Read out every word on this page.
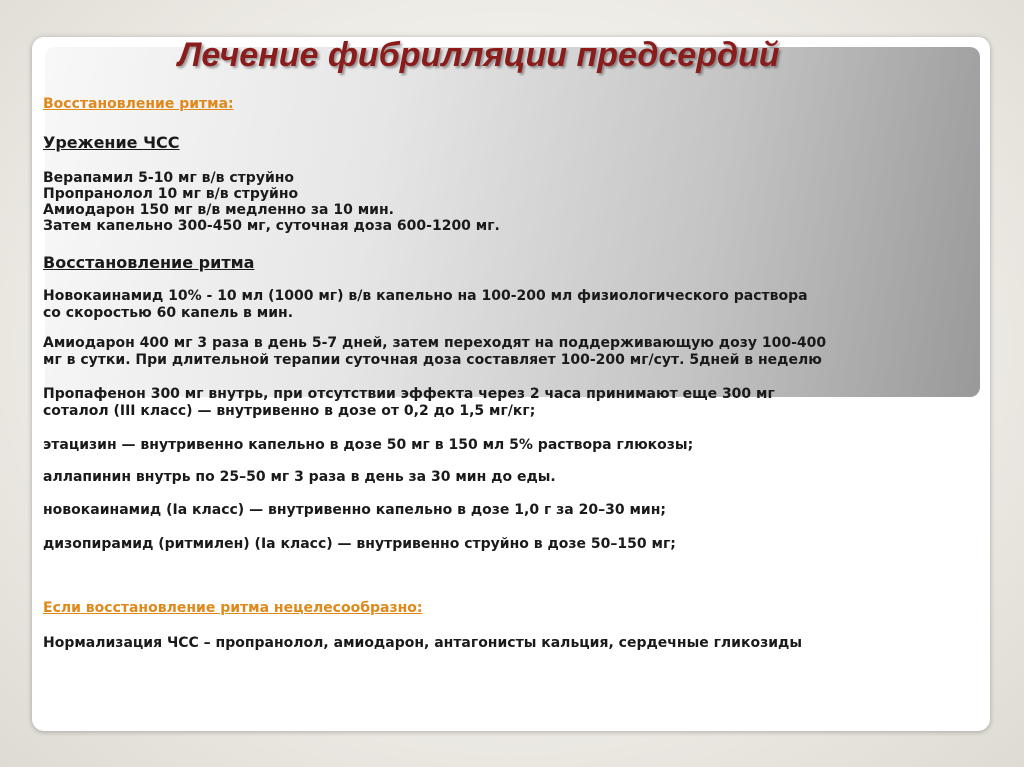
Лечение фибрилляции предсердий

Восстановление ритма:

Урежение ЧСС

Верапамил 5-10 мг в/в струйно

Пропранолол 10 мг в/в струйно

Амиодарон 150 мг в/в медленно за 10 мин.

Затем капельно 300-450 мг, суточная доза 600-1200 мг.

Восстановление ритма

Новокаинамид 10% - 10 мл (1000 мг) в/в капельно на 100-200 мл физиологического раствора

со скоростью 60 капель в мин.

Амиодарон 400 мг 3 раза в день 5-7 дней, затем переходят на поддерживающую дозу 100-400

мг в сутки. При длительной терапии суточная доза составляет 100-200 мг/сут. 5дней в неделю

Пропафенон 300 мг внутрь, при отсутствии эффекта через 2 часа принимают еще 300 мг

соталол (III класс) — внутривенно в дозе от 0,2 до 1,5 мг/кг;

этацизин — внутривенно капельно в дозе 50 мг в 150 мл 5% раствора глюкозы;

аллапинин внутрь по 25–50 мг 3 раза в день за 30 мин до еды.

новокаинамид (Ia класс) — внутривенно капельно в дозе 1,0 г за 20–30 мин;

дизопирамид (ритмилен) (Ia класс) — внутривенно струйно в дозе 50–150 мг;

Если восстановление ритма нецелесообразно:

Нормализация ЧСС – пропранолол, амиодарон, антагонисты кальция, сердечные гликозиды
